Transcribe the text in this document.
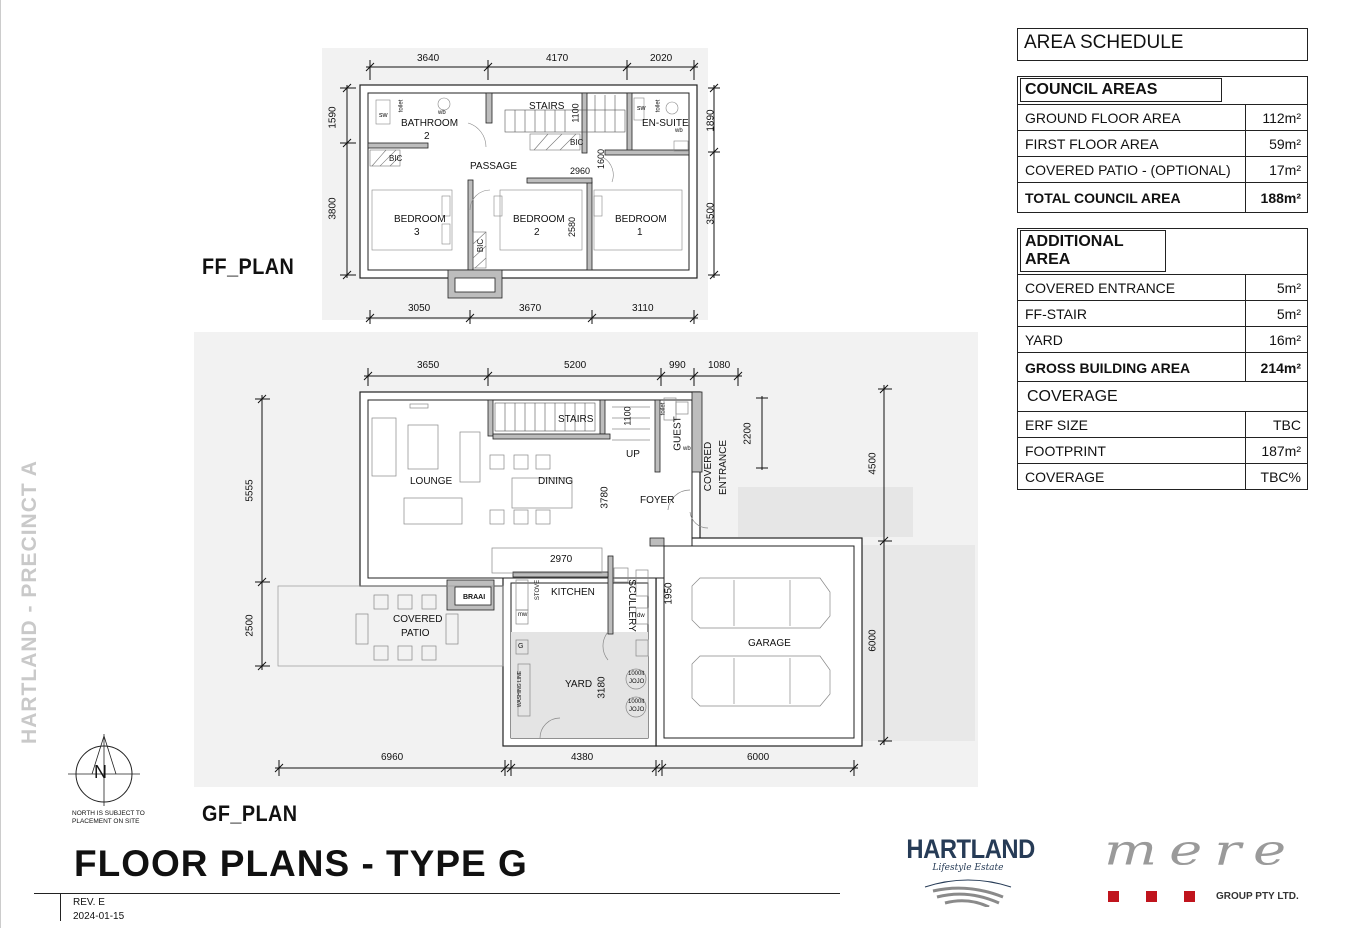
HARTLAND - PRECINCT A
FF_PLAN
3640	4170	2020
3050	3670	3110
1590
3800
1890
3500
BATHROOM
2
STAIRS
EN-SUITE
PASSAGE
BIC
BIC
BIC
BEDROOM
3
BEDROOM
2
BEDROOM
1
sw
sw
toilet	toilet
wb
wb
1600
2960
1100
2580
GF_PLAN
3650	5200	990 1080
6960	4380	6000
5555
2500
4500
6000
2200
1100
3780
2970
1950
3180
LOUNGE	DINING
STAIRS
UP
GUEST
toilet
wb COVERED ENTRANCE
FOYER
KITCHEN
STOVE	SCULLERY
BRAAI
COVERED
PATIO
YARD
GARAGE
WASHING LINE
mw	dw
G
1000lt
JOJO
1000lt
JOJO
N
NORTH IS SUBJECT TO
PLACEMENT ON SITE
FLOOR PLANS - TYPE G
REV. E
2024-01-15
HARTLAND
Lifestyle Estate	mere
GROUP PTY LTD.
AREA SCHEDULE
COUNCIL AREAS
GROUND FLOOR AREA	112m²
FIRST FLOOR AREA	59m²
COVERED PATIO - (OPTIONAL)	17m²
TOTAL COUNCIL AREA	188m²
ADDITIONAL AREA
COVERED ENTRANCE	5m²
FF-STAIR	5m²
YARD	16m²
GROSS BUILDING AREA	214m²
COVERAGE
ERF SIZE	TBC
FOOTPRINT	187m²
COVERAGE	TBC%
